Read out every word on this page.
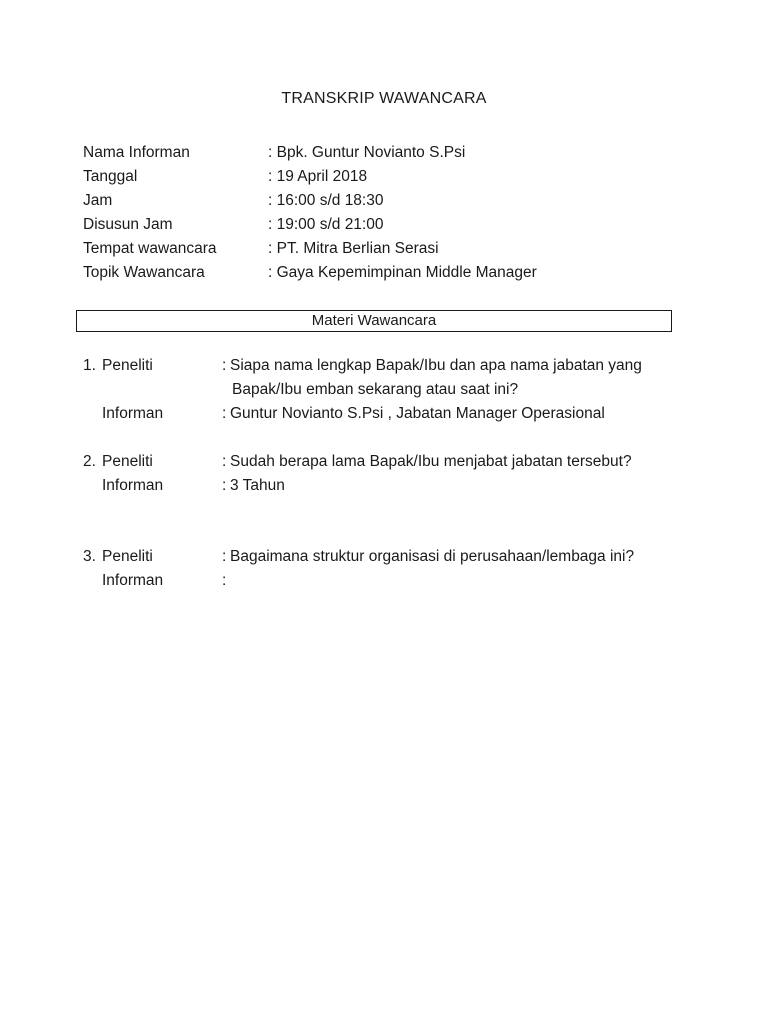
TRANSKRIP WAWANCARA
Nama Informan	: Bpk. Guntur Novianto S.Psi
Tanggal	: 19 April 2018
Jam	: 16:00 s/d 18:30
Disusun Jam	: 19:00 s/d 21:00
Tempat wawancara	: PT. Mitra Berlian Serasi
Topik Wawancara	: Gaya Kepemimpinan Middle Manager
Materi Wawancara
1. Peneliti	: Siapa nama lengkap Bapak/Ibu dan apa nama jabatan yang
Bapak/Ibu emban sekarang atau saat ini?
Informan	: Guntur Novianto S.Psi , Jabatan Manager Operasional
2. Peneliti	: Sudah berapa lama Bapak/Ibu menjabat jabatan tersebut?
Informan	: 3 Tahun
3. Peneliti	: Bagaimana struktur organisasi di perusahaan/lembaga ini?
Informan	:
